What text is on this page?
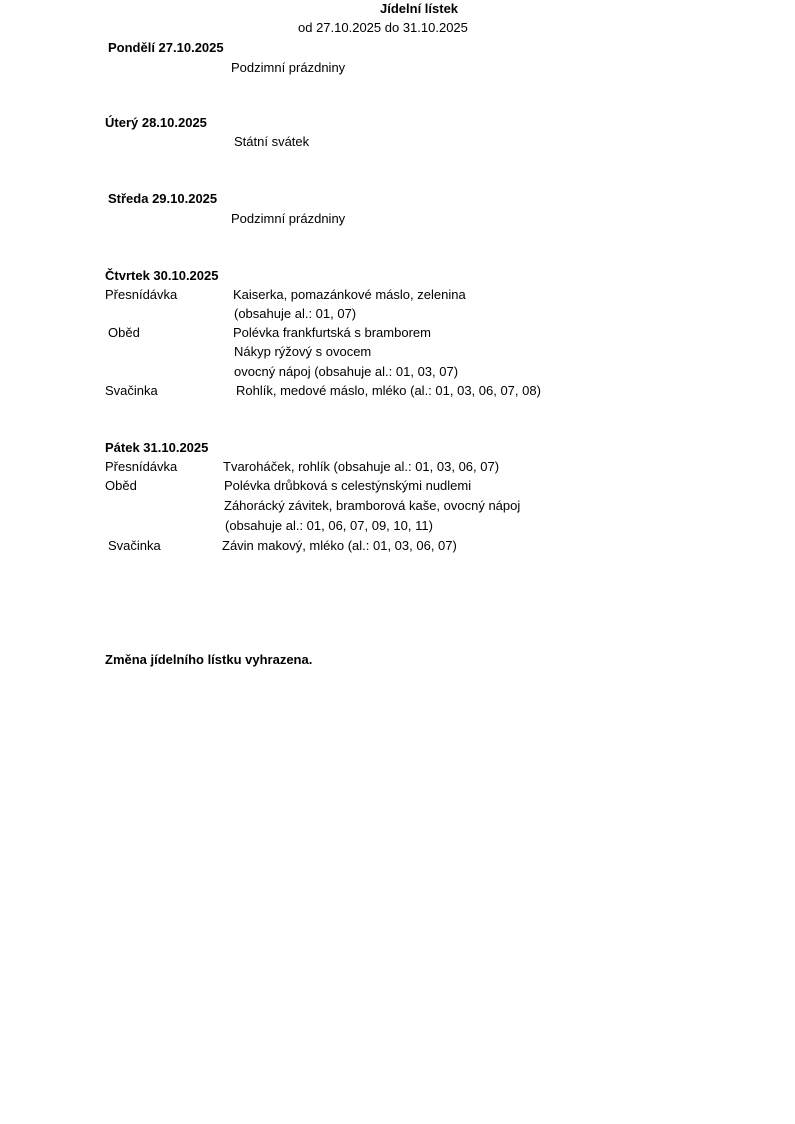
Jídelní lístek
od 27.10.2025 do 31.10.2025
Pondělí 27.10.2025
Podzimní prázdniny
Úterý 28.10.2025
Státní svátek
Středa 29.10.2025
Podzimní prázdniny
Čtvrtek 30.10.2025
Přesnídávka	Kaiserka, pomazánkové máslo, zelenina
(obsahuje al.: 01, 07)
Oběd	Polévka frankfurtská s bramborem
Nákyp rýžový s ovocem
ovocný nápoj (obsahuje al.: 01, 03, 07)
Svačinka	Rohlík, medové máslo, mléko (al.: 01, 03, 06, 07, 08)
Pátek 31.10.2025
Přesnídávka	Tvaroháček, rohlík (obsahuje al.: 01, 03, 06, 07)
Oběd	Polévka drůbková s celestýnskými nudlemi
Záhorácký závitek, bramborová kaše, ovocný nápoj
(obsahuje al.: 01, 06, 07, 09, 10, 11)
Svačinka	Závin makový, mléko (al.: 01, 03, 06, 07)
Změna jídelního lístku vyhrazena.
